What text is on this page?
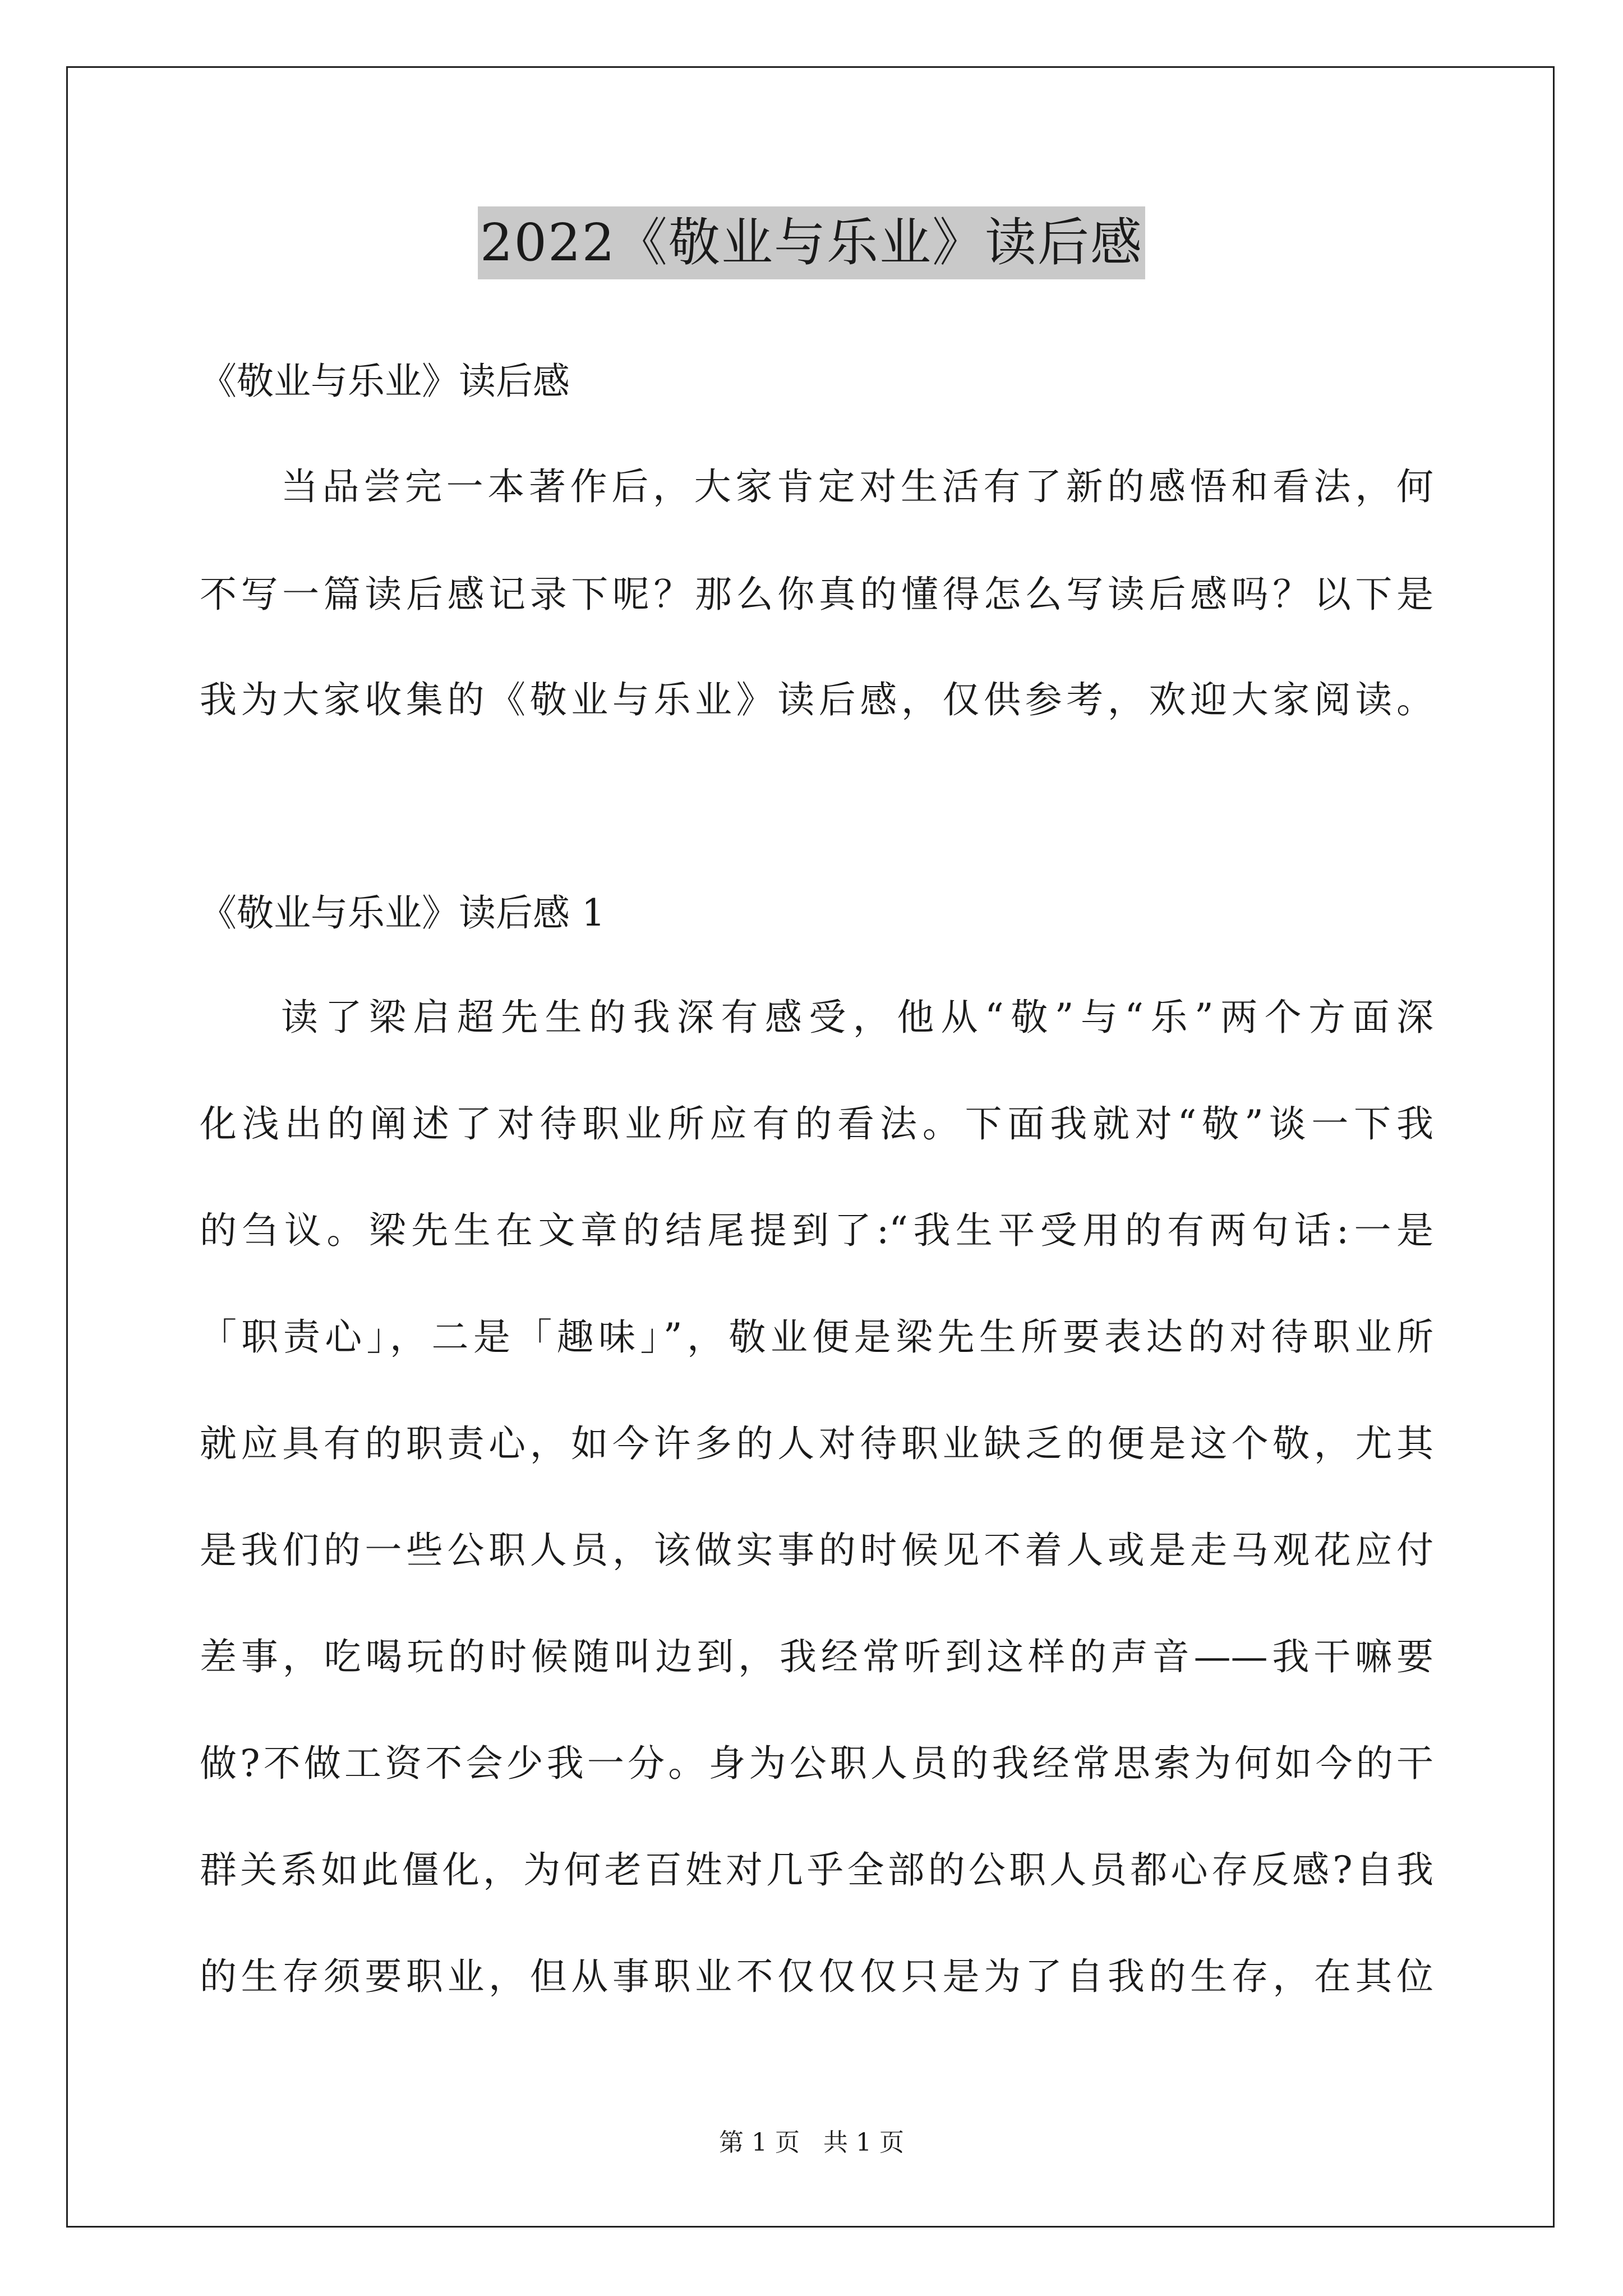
2022《敬业与乐业》读后感
《敬业与乐业》读后感
当品尝完一本著作后，大家肯定对生活有了新的感悟和看法，何
不写一篇读后感记录下呢？那么你真的懂得怎么写读后感吗？以下是
我为大家收集的《敬业与乐业》读后感，仅供参考，欢迎大家阅读。
《敬业与乐业》读后感 1
读了梁启超先生的我深有感受，他从“敬”与“乐”两个方面深
化浅出的阐述了对待职业所应有的看法。下面我就对“敬”谈一下我
的刍议。梁先生在文章的结尾提到了:“我生平受用的有两句话:一是
「职责心」，二是「趣味」”，敬业便是梁先生所要表达的对待职业所
就应具有的职责心，如今许多的人对待职业缺乏的便是这个敬，尤其
是我们的一些公职人员，该做实事的时候见不着人或是走马观花应付
差事，吃喝玩的时候随叫边到，我经常听到这样的声音——我干嘛要
做?不做工资不会少我一分。身为公职人员的我经常思索为何如今的干
群关系如此僵化，为何老百姓对几乎全部的公职人员都心存反感?自我
的生存须要职业，但从事职业不仅仅仅只是为了自我的生存，在其位
第 1 页   共 1 页
